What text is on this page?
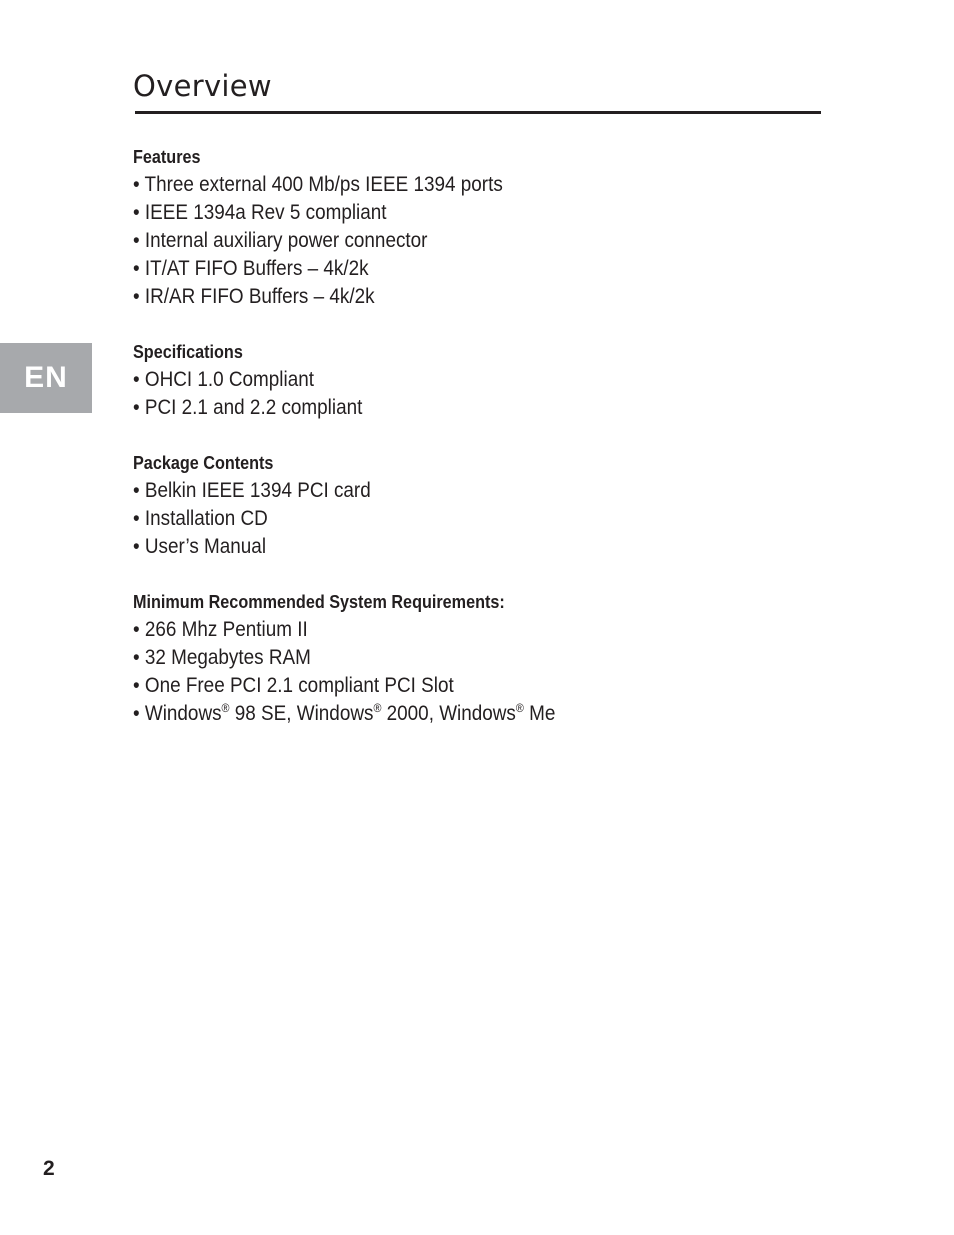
Overview
EN
Features
• Three external 400 Mb/ps IEEE 1394 ports
• IEEE 1394a Rev 5 compliant
• Internal auxiliary power connector
• IT/AT FIFO Buffers – 4k/2k
• IR/AR FIFO Buffers – 4k/2k
Specifications
• OHCI 1.0 Compliant
• PCI 2.1 and 2.2 compliant
Package Contents
• Belkin IEEE 1394 PCI card
• Installation CD
• User’s Manual
Minimum Recommended System Requirements:
• 266 Mhz Pentium II
• 32 Megabytes RAM
• One Free PCI 2.1 compliant PCI Slot
• Windows® 98 SE, Windows® 2000, Windows® Me
2
